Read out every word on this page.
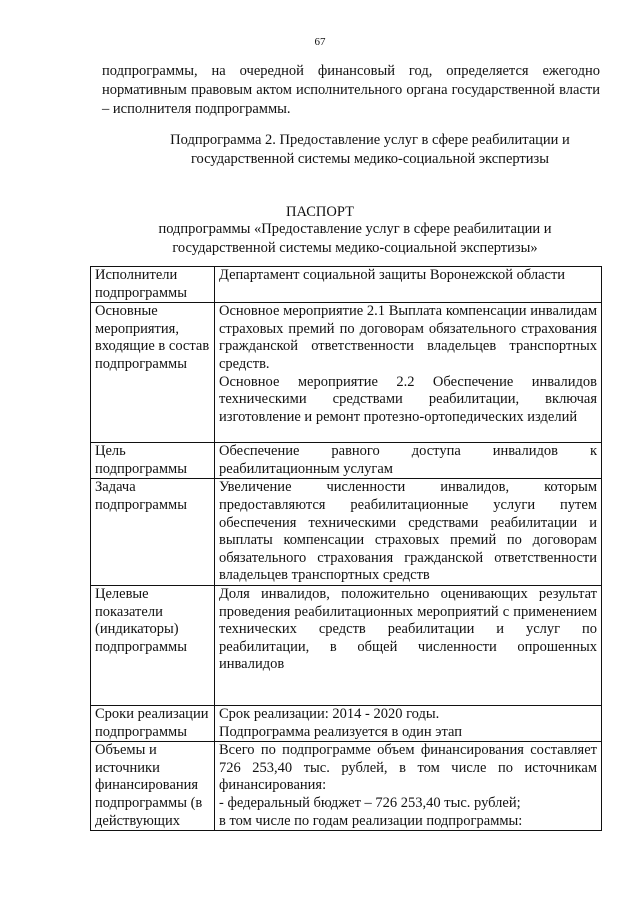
67
подпрограммы, на очередной финансовый год, определяется ежегодно нормативным правовым актом исполнительного органа государственной власти – исполнителя подпрограммы.
Подпрограмма 2. Предоставление услуг в сфере реабилитации и государственной системы медико-социальной экспертизы
ПАСПОРТ
подпрограммы «Предоставление услуг в сфере реабилитации и государственной системы медико-социальной экспертизы»
Исполнители подпрограммы	Департамент социальной защиты Воронежской области

Основные мероприятия, входящие в состав подпрограммы	Основное мероприятие 2.1 Выплата компенсации инвалидам страховых премий по договорам обязательного страхования гражданской ответственности владельцев транспортных средств.

Основное мероприятие 2.2 Обеспечение инвалидов техническими средствами реабилитации, включая изготовление и ремонт протезно-ортопедических изделий

Цель подпрограммы	Обеспечение равного доступа инвалидов к реабилитационным услугам

Задача подпрограммы	Увеличение численности инвалидов, которым предоставляются реабилитационные услуги путем обеспечения техническими средствами реабилитации и выплаты компенсации страховых премий по договорам обязательного страхования гражданской ответственности владельцев транспортных средств

Целевые показатели (индикаторы) подпрограммы	Доля инвалидов, положительно оценивающих результат проведения реабилитационных мероприятий с применением технических средств реабилитации и услуг по реабилитации, в общей численности опрошенных инвалидов

Сроки реализации подпрограммы	Срок реализации: 2014 - 2020 годы.

Подпрограмма реализуется в один этап

Объемы и источники финансирования подпрограммы (в действующих	Всего по подпрограмме объем финансирования составляет 726 253,40 тыс. рублей, в том числе по источникам финансирования:

- федеральный бюджет – 726 253,40 тыс. рублей;

в том числе по годам реализации подпрограммы:
